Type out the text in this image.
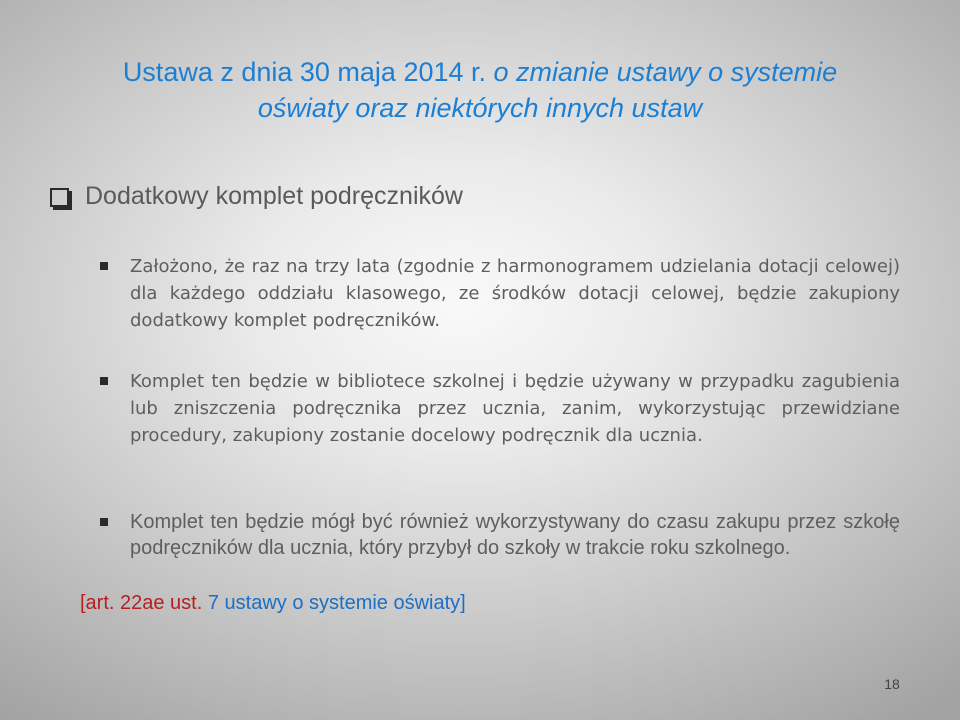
Ustawa z dnia 30 maja 2014 r. o zmianie ustawy o systemie
oświaty oraz niektórych innych ustaw
Dodatkowy komplet podręczników
Założono, że raz na trzy lata (zgodnie z harmonogramem udzielania dotacji celowej) dla każdego oddziału klasowego, ze środków dotacji celowej, będzie zakupiony dodatkowy komplet podręczników.
Komplet ten będzie w bibliotece szkolnej i będzie używany w przypadku zagubienia lub zniszczenia podręcznika przez ucznia, zanim, wykorzystując przewidziane procedury, zakupiony zostanie docelowy podręcznik dla ucznia.
Komplet ten będzie mógł być również wykorzystywany do czasu zakupu przez szkołę podręczników dla ucznia, który przybył do szkoły w trakcie roku szkolnego.
[art. 22ae ust. 7 ustawy o systemie oświaty]
18
